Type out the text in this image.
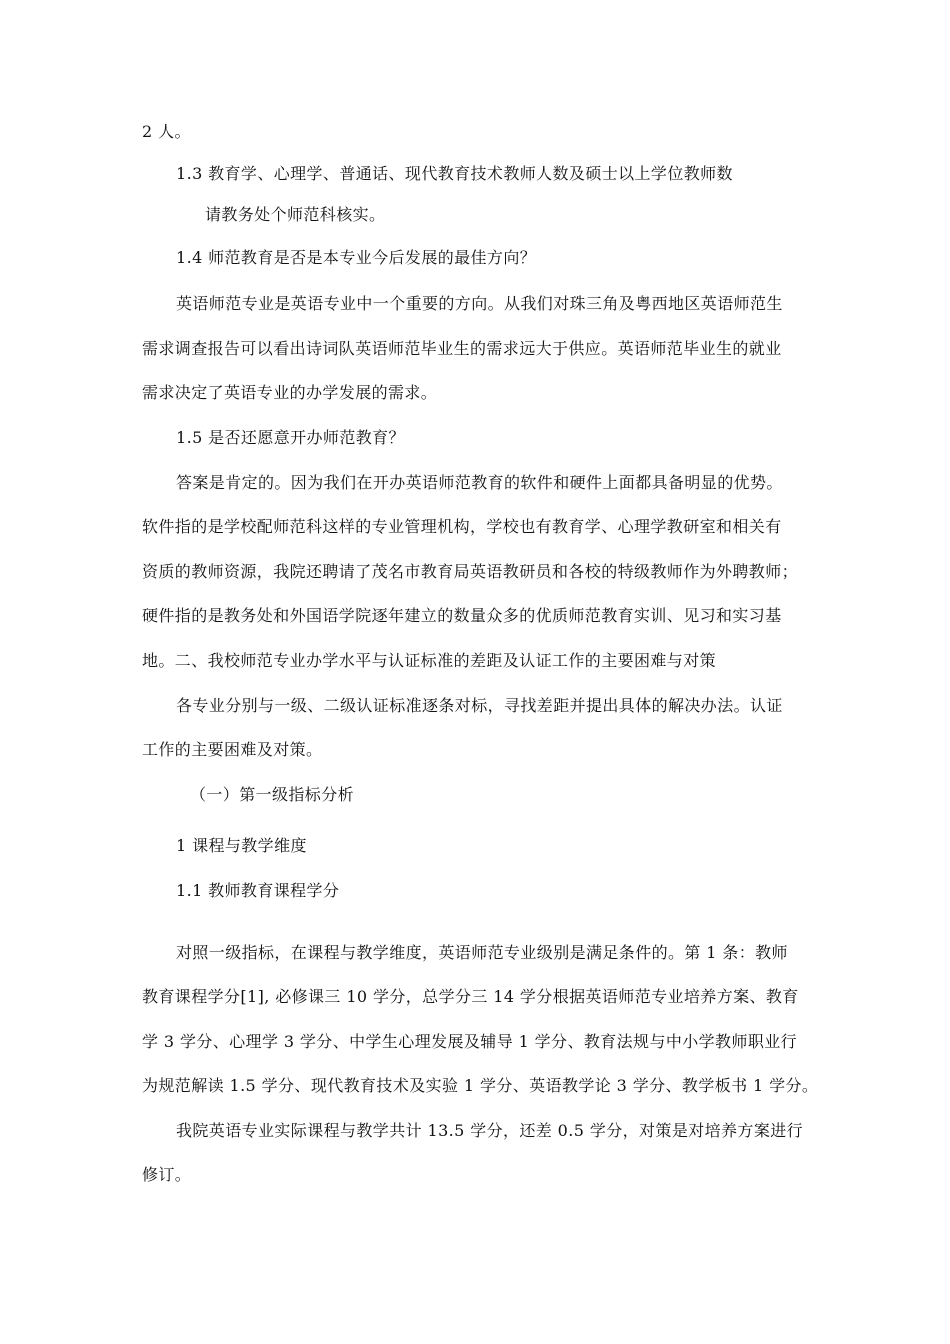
2 人。
1.3 教育学、心理学、普通话、现代教育技术教师人数及硕士以上学位教师数
请教务处个师范科核实。
1.4 师范教育是否是本专业今后发展的最佳方向？
英语师范专业是英语专业中一个重要的方向。从我们对珠三角及粤西地区英语师范生
需求调查报告可以看出诗词队英语师范毕业生的需求远大于供应。英语师范毕业生的就业
需求决定了英语专业的办学发展的需求。
1.5 是否还愿意开办师范教育？
答案是肯定的。因为我们在开办英语师范教育的软件和硬件上面都具备明显的优势。
软件指的是学校配师范科这样的专业管理机构，学校也有教育学、心理学教研室和相关有
资质的教师资源，我院还聘请了茂名市教育局英语教研员和各校的特级教师作为外聘教师；
硬件指的是教务处和外国语学院逐年建立的数量众多的优质师范教育实训、见习和实习基
地。二、我校师范专业办学水平与认证标准的差距及认证工作的主要困难与对策
各专业分别与一级、二级认证标准逐条对标，寻找差距并提出具体的解决办法。认证
工作的主要困难及对策。
（一）第一级指标分析
1 课程与教学维度
1.1 教师教育课程学分
对照一级指标，在课程与教学维度，英语师范专业级别是满足条件的。第 1 条：教师
教育课程学分[1], 必修课三 10 学分，总学分三 14 学分根据英语师范专业培养方案、教育
学 3 学分、心理学 3 学分、中学生心理发展及辅导 1 学分、教育法规与中小学教师职业行
为规范解读 1.5 学分、现代教育技术及实验 1 学分、英语教学论 3 学分、教学板书 1 学分。
我院英语专业实际课程与教学共计 13.5 学分，还差 0.5 学分，对策是对培养方案进行
修订。
